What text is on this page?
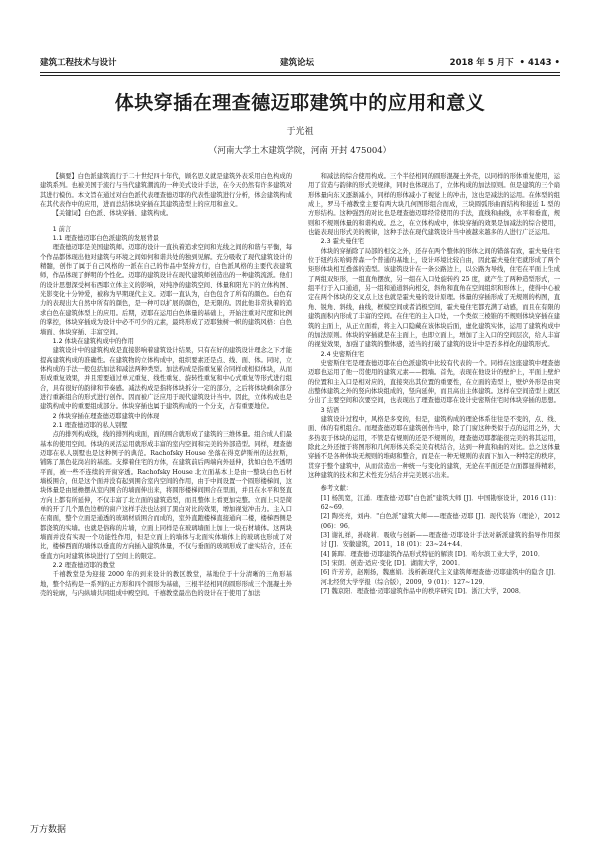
建筑工程技术与设计	建筑论坛	2018 年 5 月下 • 4143 •
体块穿插在理查德迈耶建筑中的应用和意义
于光祖
（河南大学土木建筑学院，河南 开封 475004）

【摘要】白色派建筑流行于二十世纪四十年代，顾名思义就是建筑外表采用白色构成的建筑系列。也被美国于流行与当代建筑潮流的一种美式设计手法，在今天仍然有许多建筑对其进行模仿。本文旨在通过对白色派代表理查德迈耶的代表性建筑进行分析，体会建筑构成在其代表作中的应用，进而总结体块穿插在其建筑造型上的应用和意义。

【关键词】白色派、体块穿插、建筑构成。

1 前言

1.1 理查德迈耶白色派建筑的发展背景

理查德迈耶是美国建筑师。迈耶的设计一直执着追求空间和光线之间的和谐与平衡，每个作品都体现出他对建筑与环境之间如何和谐共处的独到见解。充分吸收了现代建筑设计的精髓，创作了属于自己风格的一派在自己的作品中坚持方行，白色派风格的主要代表建筑师，作品体现了鲜明的个性化。迈耶的建筑设计在现代建筑师创造出的一种建筑流派。他们的设计思想深受柯布西耶立体主义的影响，对纯净的建筑空间、体量和阳光下的立体构图、光影变化十分钟爱，被称为早期现代主义。迈耶一直认为，白色包含了所有的颜色。白色有力的表现出大自然中所有的颜色，是一种可以扩展的颜色，是无限的。因此他非常执着的追求白色在建筑体型上的应用。后期，迈耶在运用白色体量的基础上，开始注重对尺度和比例的掌控，体块穿插成为设计中必不可少的元素，最终形成了迈耶独树一帜的建筑风格：白色墙面、体块穿插、丰富空间。

1.2 体块在建筑构成中的作用

建筑设计中的建筑构成是直接影响着建筑设计结果，只有在好的建筑设计理念之下才能提高建筑构成的准确性。在建筑物的立体构成中，组织要素还是点、线、面、体。同时，立体构成的手法一般包括加法和减法两种类型。加法构成是指重复累合同样或相似体块，从而形成重复效果，并且需要通过单元重复、线性重复、旋转性重复和中心式重复等形式进行组合，具有很好的韵律和节奏感。减法构成是指将体块拆分一定的部分，之后将体块剩余部分进行重新组合的形式进行创作。因而被广泛应用于现代建筑设计当中。因此，立体构成也是建筑构成中的重要组成部分。体块穿插也属于建筑构成的一个分支，占有重要地位。

2 体块穿插在理查德迈耶建筑中的体现

2.1 理查德迈耶的私人别墅

点的排列构成线，线的排列构成面，面的围合就形成了建筑的三维体量。组合成人们最基本的使用空间。体块的灵活运用就形成丰富的室内空间和完美的外部造型。同样，理查德迈耶在私人别墅也是这种例子的典范。Rachofsky House 坐落在得克萨斯州的达拉斯，铺陈了黑色花岗岩的基座。支撑着住宅的方体，在建筑前后两端向外延伸，犹如白色不透明平面，被一些不连续的开窗穿透。Rachofsky House 北立面基本上是由一整块白色石材墙板围合，但是这个面并没有起到围合室内空间的作用，由于中间设置一个圆形楼梯间，这块体量是由屋檐摆从室内围合的墙面伸出来，将圆形楼梯间围合在里面，并且在水平和竖直方向上都有所延伸，不仅丰富了北立面的建筑造型，而且整体上看更加完整。立面上只是简单的开了几个黑色边框的窗户这样手法也达到了黑白对比的效果，增加视觉冲击力。主入口在南面，整个立面是通透的玻璃材质围合而成的，室外直跑楼梯直接通向二楼，楼梯西侧是都浇筑的实墙。也就是俗称的片墙，立面上同样是在玻璃墙面上加上一块石材墙体。这两块墙面并没有实现一个功能性作用，但是立面上的墙体与北面实体墙体上的玻璃也形成了对比，楼梯西面的墙体以垂直的方向插入建筑体量，不仅与垂面的玻璃形成了虚实结合，还在垂直方向对建筑体块进行了空间上的限定。

2.2 理查德迈耶的教堂

千禧教堂是为迎接 2000 年的到来设计的教区教堂，基地位于十分清晰的三角形基地，整个结构是一系列的正方形和四个圆形为基础，三根半径相同的圆形形成三个混凝土外壳的轮廓，与内纵墙共同组成中殿空间。千禧教堂最出色的设计在于使用了加法

和减法的综合使用构成。三个半径相同的圆形混凝土外壳，以同样的形体重复使用，运用了营造与韵律的形式美规律，同时也体现出了，立体构成的加法原则。但是建筑的三个扇形体量向东又逐渐减小，同样的形体减小了视觉上的冲击，这也是减法的运用。在体型的组成上，罗马千禧教堂主要有两大块几何图形组合而成，三块圆弧形曲面结构和接近 L 型的方形结构。这种强烈的对比也是理查德迈耶经常使用的手法，直线和曲线，水平和垂直，规则和不规则体量的和谐构成。总之，在立体构成中，体块穿插的效果是加减法的综合使用，也能表现出形式美的规律，这种手法在现代建筑设计当中被越来越多的人进行广泛运用。

2.3 霍夫曼住宅

体块的穿插除了局部的相交之外，还存在两个整体的形体之间的错落有致，霍夫曼住宅位于纽约东哈姆普森一个普通的基地上，设计环境比较自由，因此霍夫曼住宅就形成了两个矩形体块相互叠落的造型。该建筑设计在一条公路边上，以公路为导线，住宅在平面上生成了两组双矩形，一组直角摆放，另一组在入口处旋转约 25 度，就产生了两种造型形式，一组平行于入口通道，另一组和通道斜向相交，斜角和直角在空间组织和形体上，使得中心被定在两个体块的交叉点上这也就是霍夫曼的设计原理。体量的穿插形成了无规则的构图，直角、锐角、斜线，曲线，框模空间或者消极空间，霍夫曼住宅都充满了动感，而且在有限的建筑面积内形成了丰富的空间。在住宅的主入口处，一个类似三棱锥的不规则体块穿插在建筑的主面上，从正立面看，将主入口隐藏在该体块后面，虚化建筑实体，运用了建筑构成中的加法原则。体块的穿插就是在主面上，也即立面上，增加了主入口的空间层次，给人丰富的视觉效果，加强了建筑的整体感，适当的打破了建筑的设计中是否多样化的建筑形式。

2.4 史密斯住宅

史密斯住宅是理查德迈耶在白色派建筑中比较有代表的一个。同样在这座建筑中理查德迈耶也运用了他一贯使用的建筑元素——假墙。首先，表现在他设计的壁炉上，平面上壁炉的位置和主入口是相对应的，直接突出其位置的重要性，在立面的造型上，壁炉外形是由突出整体建筑之外的竖向体块组成的，竖向延伸，而且高出主体建筑。这样在空间造型上就区分出了主要空间和次要空间，也表现出了理查德迈耶在设计史密斯住宅时体块穿插的思想。

3 结语

建筑设计过程中，风格是多变的，但是，建筑构成的理论体系往往是不变的，点、线、面、体的有机组合。而理查德迈耶在建筑创作当中，除了门窗这种类似于点的运用之外，大多热衷于体块的运用，不管是有规则的还是不规则的，理查德迈耶都能很完美的将其运用，除此之外还擅于将图形和几何形体关系完美有机结合，达到一种直和曲的对比。总之这体量穿插不是各种体块无规则的堆砌和整合，而是在一种无规则的表面下加入一种特定的秩序，贯穿于整个建筑中，从而营造出一种统一与变化的建筑，无论在平面还是立面都显得精彩，这种建筑的技术和艺术性充分结合并完美展示出来。

参考文献：

[1] 杨凯宽，江涌．理查德·迈耶"白色派"建筑大师 [J]．中国勘察设计，2016 (11)：62~69．

[2] 陶亮亮，刘冉．"白色派"建筑大师——理查德·迈耶 [J]．现代装饰（理论），2012 (06)：96．

[3] 谢礼祥，孙晓莉．吸收与创新——理查德·迈耶设计手法对新派建筑的指导作用探讨 [J]．安徽建筑，2011，18 (01)：23~24+44．

[4] 陈晖．理查德·迈耶建筑作品形式特征的解读 [D]．哈尔滨工业大学，2010．

[5] 宋朗．创造·适应·变化 [D]．湖南大学，2001．

[6] 许芳芳，赵刚扬，魏惠娟．浅析新现代主义建筑师理查德·迈耶建筑中的隐含 [J]．河北经贸大学学报（综合版），2009，9 (01)：127~129．

[7] 魏京阳．理查德·迈耶建筑作品中的秩序研究 [D]．浙江大学，2008．

万方数据
